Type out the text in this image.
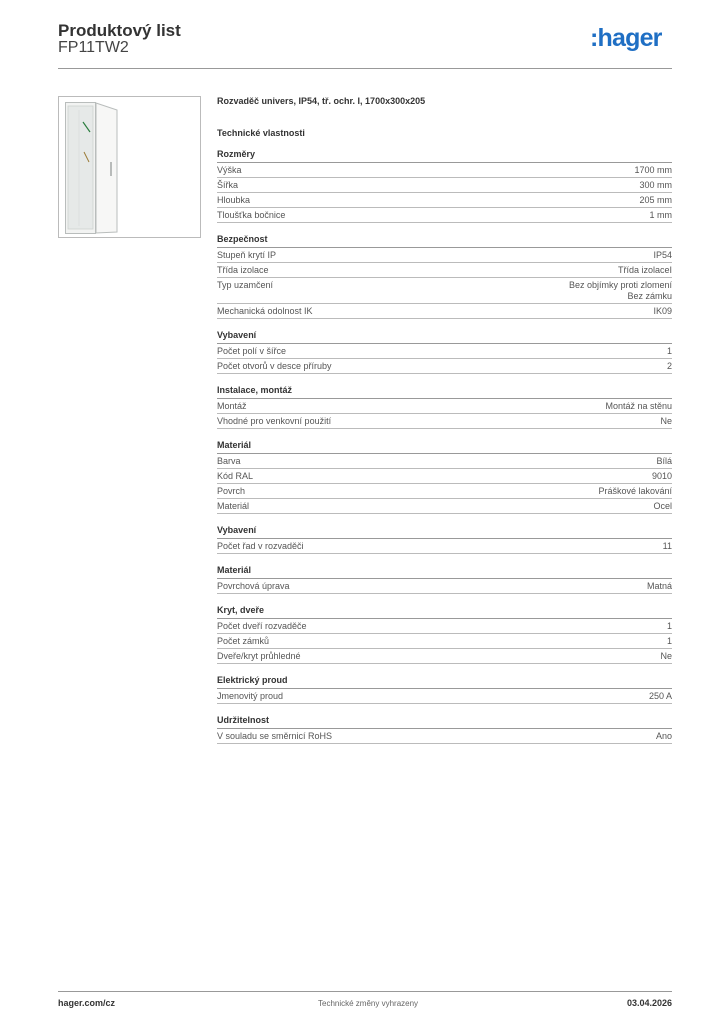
Produktový list
FP11TW2	:hager
Rozvaděč univers, IP54, tř. ochr. I, 1700x300x205
Technické vlastnosti
Rozměry
Výška	1700 mm
Šířka	300 mm
Hloubka	205 mm
Tloušťka bočnice	1 mm
Bezpečnost
Stupeň krytí IP	IP54
Třída izolace	Třída izolaceI
Typ uzamčení	Bez objímky proti zlomení
Bez zámku
Mechanická odolnost IK	IK09
Vybavení
Počet polí v šířce	1
Počet otvorů v desce příruby	2
Instalace, montáž
Montáž	Montáž na stěnu
Vhodné pro venkovní použití	Ne
Materiál
Barva	Bílá
Kód RAL	9010
Povrch	Práškové lakování
Materiál	Ocel
Vybavení
Počet řad v rozvaděči	11
Materiál
Povrchová úprava	Matná
Kryt, dveře
Počet dveří rozvaděče	1
Počet zámků	1
Dveře/kryt průhledné	Ne
Elektrický proud
Jmenovitý proud	250 A
Udržitelnost
V souladu se směrnicí RoHS	Ano
hager.com/cz	Technické změny vyhrazeny	03.04.2026
